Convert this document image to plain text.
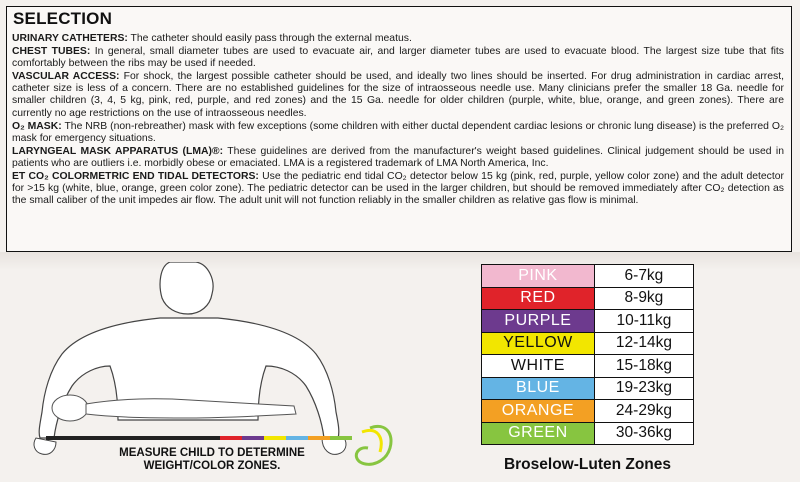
SELECTION

URINARY CATHETERS: The catheter should easily pass through the external meatus.

CHEST TUBES: In general, small diameter tubes are used to evacuate air, and larger diameter tubes are used to evacuate blood. The largest size tube that fits comfortably between the ribs may be used if needed.

VASCULAR ACCESS: For shock, the largest possible catheter should be used, and ideally two lines should be inserted. For drug administration in cardiac arrest, catheter size is less of a concern. There are no established guidelines for the size of intraosseous needle use. Many clinicians prefer the smaller 18 Ga. needle for smaller children (3, 4, 5 kg, pink, red, purple, and red zones) and the 15 Ga. needle for older children (purple, white, blue, orange, and green zones). There are currently no age restrictions on the use of intraosseous needles.

O₂ MASK: The NRB (non-rebreather) mask with few exceptions (some children with either ductal dependent cardiac lesions or chronic lung disease) is the preferred O₂ mask for emergency situations.

LARYNGEAL MASK APPARATUS (LMA)®: These guidelines are derived from the manufacturer's weight based guidelines. Clinical judgement should be used in patients who are outliers i.e. morbidly obese or emaciated. LMA is a registered trademark of LMA North America, Inc.

ET CO₂ COLORMETRIC END TIDAL DETECTORS: Use the pediatric end tidal CO₂ detector below 15 kg (pink, red, purple, yellow color zone) and the adult detector for >15 kg (white, blue, orange, green color zone). The pediatric detector can be used in the larger children, but should be removed immediately after CO₂ detection as the small caliber of the unit impedes air flow. The adult unit will not function reliably in the smaller children as relative gas flow is minimal.

MEASURE CHILD TO DETERMINE
WEIGHT/COLOR ZONES.
PINK	6-7kg
RED	8-9kg
PURPLE	10-11kg
YELLOW	12-14kg
WHITE	15-18kg
BLUE	19-23kg
ORANGE	24-29kg
GREEN	30-36kg
Broselow-Luten Zones
